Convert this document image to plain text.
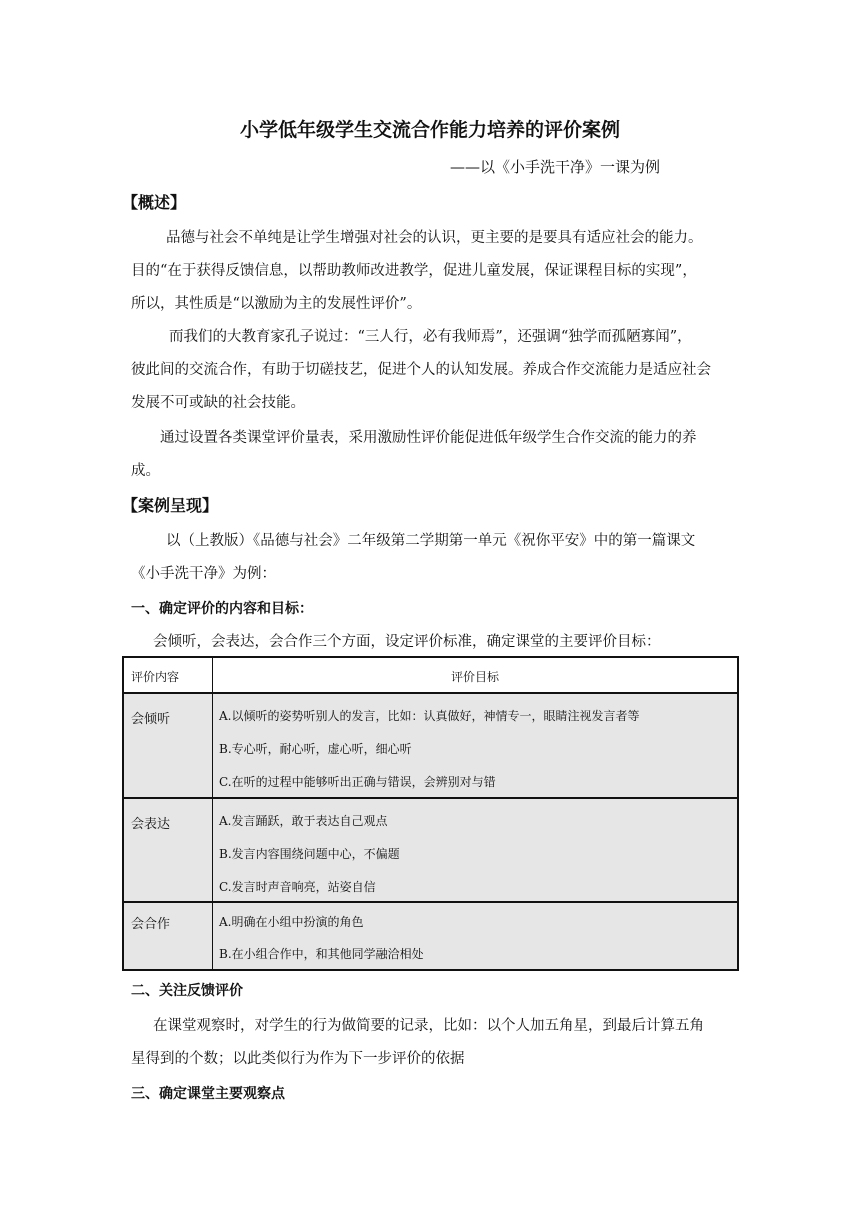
小学低年级学生交流合作能力培养的评价案例
——以《小手洗干净》一课为例
【概述】
品德与社会不单纯是让学生增强对社会的认识，更主要的是要具有适应社会的能力。
目的“在于获得反馈信息，以帮助教师改进教学，促进儿童发展，保证课程目标的实现”，
所以，其性质是“以激励为主的发展性评价”。
而我们的大教育家孔子说过：“三人行，必有我师焉”，还强调“独学而孤陋寡闻”，
彼此间的交流合作，有助于切磋技艺，促进个人的认知发展。养成合作交流能力是适应社会
发展不可或缺的社会技能。
通过设置各类课堂评价量表，采用激励性评价能促进低年级学生合作交流的能力的养
成。
【案例呈现】
以（上教版）《品德与社会》二年级第二学期第一单元《祝你平安》中的第一篇课文
《小手洗干净》为例：
一、确定评价的内容和目标：
会倾听，会表达，会合作三个方面，设定评价标准，确定课堂的主要评价目标：
评价内容	评价目标
会倾听	A.以倾听的姿势听别人的发言，比如：认真做好，神情专一，眼睛注视发言者等
B.专心听，耐心听，虚心听，细心听
C.在听的过程中能够听出正确与错误，会辨别对与错
会表达	A.发言踊跃，敢于表达自己观点
B.发言内容围绕问题中心，不偏题
C.发言时声音响亮，站姿自信
会合作	A.明确在小组中扮演的角色
B.在小组合作中，和其他同学融洽相处
二、关注反馈评价
在课堂观察时，对学生的行为做简要的记录，比如：以个人加五角星，到最后计算五角
星得到的个数；以此类似行为作为下一步评价的依据
三、确定课堂主要观察点
